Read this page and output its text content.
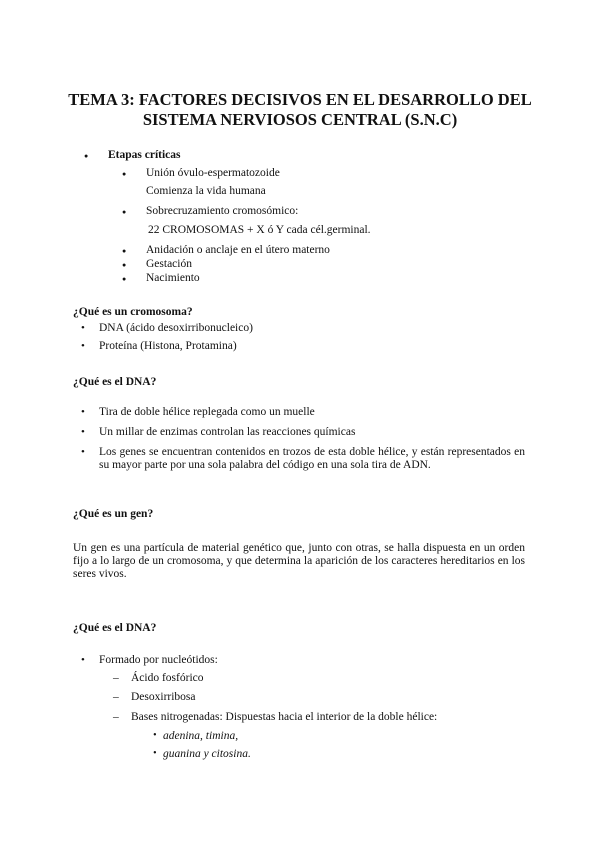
TEMA 3: FACTORES DECISIVOS EN EL DESARROLLO DEL
SISTEMA NERVIOSOS CENTRAL (S.N.C)
● Etapas críticas
● Unión óvulo-espermatozoide
Comienza la vida humana
● Sobrecruzamiento cromosómico:
22 CROMOSOMAS + X ó Y cada cél.germinal.
● Anidación o anclaje en el útero materno
● Gestación
● Nacimiento
¿Qué es un cromosoma?
• DNA (ácido desoxirribonucleico)
• Proteína (Histona, Protamina)
¿Qué es el DNA?
• Tira de doble hélice replegada como un muelle
• Un millar de enzimas controlan las reacciones químicas
• Los genes se encuentran contenidos en trozos de esta doble hélice, y están representados en su mayor parte por una sola palabra del código en una sola tira de ADN.
¿Qué es un gen?
Un gen es una partícula de material genético que, junto con otras, se halla dispuesta en un orden fijo a lo largo de un cromosoma, y que determina la aparición de los caracteres hereditarios en los seres vivos.
¿Qué es el DNA?
• Formado por nucleótidos:
– Ácido fosfórico
– Desoxirribosa
– Bases nitrogenadas: Dispuestas hacia el interior de la doble hélice:
• adenina, timina,
• guanina y citosina.
